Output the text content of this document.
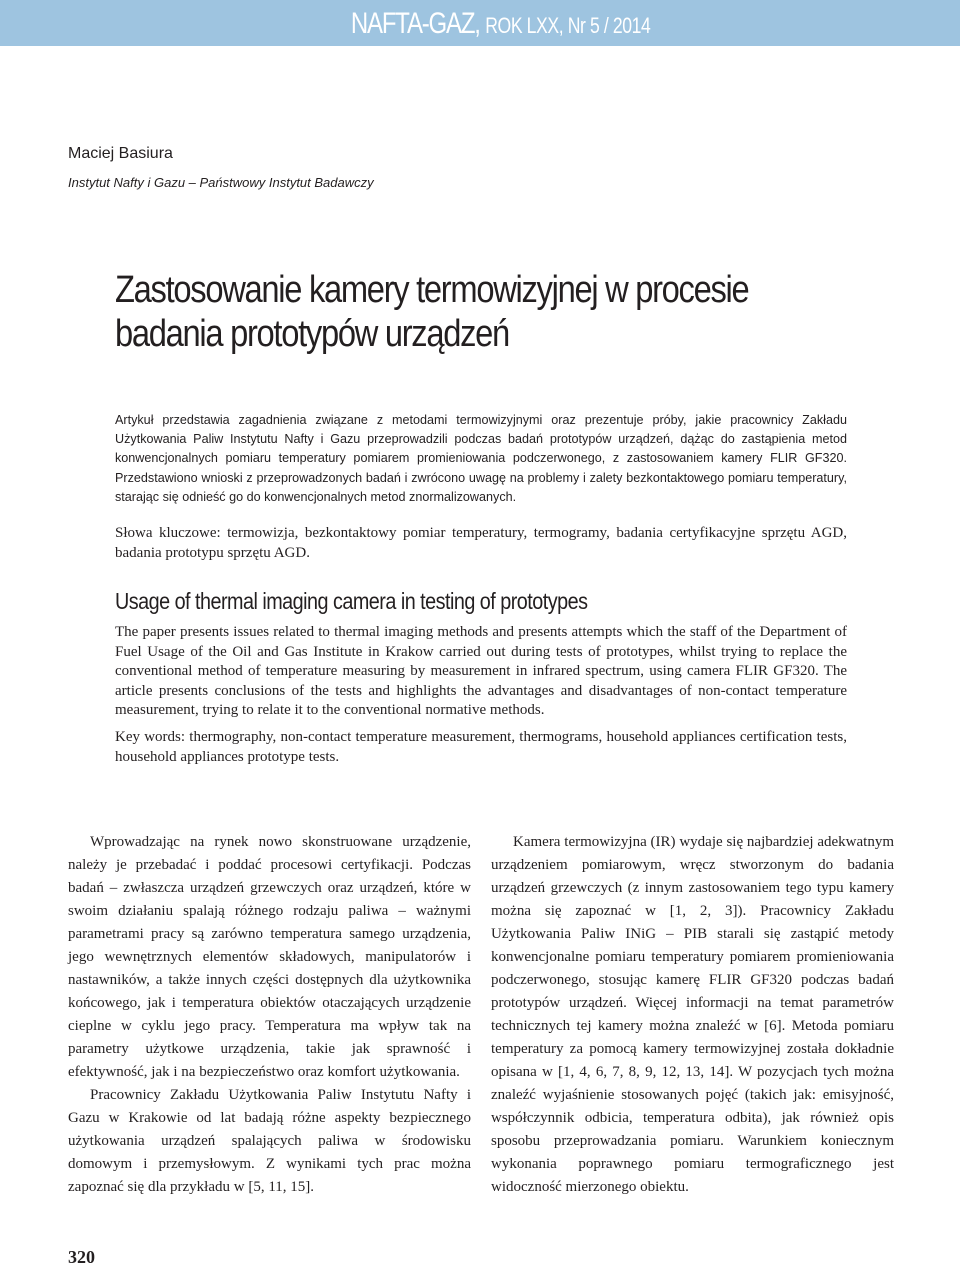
NAFTA-GAZ, ROK LXX, Nr 5 / 2014
Maciej Basiura
Instytut Nafty i Gazu – Państwowy Instytut Badawczy
Zastosowanie kamery termowizyjnej w procesie badania prototypów urządzeń

Artykuł przedstawia zagadnienia związane z metodami termowizyjnymi oraz prezentuje próby, jakie pracownicy Zakładu Użytkowania Paliw Instytutu Nafty i Gazu przeprowadzili podczas badań prototypów urządzeń, dążąc do zastąpienia metod konwencjonalnych pomiaru temperatury pomiarem promieniowania podczerwonego, z zastosowaniem kamery FLIR GF320. Przedstawiono wnioski z przeprowadzonych badań i zwrócono uwagę na problemy i zalety bezkontaktowego pomiaru temperatury, starając się odnieść go do konwencjonalnych metod znormalizowanych.

Słowa kluczowe: termowizja, bezkontaktowy pomiar temperatury, termogramy, badania certyfikacyjne sprzętu AGD, badania prototypu sprzętu AGD.

Usage of thermal imaging camera in testing of prototypes

The paper presents issues related to thermal imaging methods and presents attempts which the staff of the Department of Fuel Usage of the Oil and Gas Institute in Krakow carried out during tests of prototypes, whilst trying to replace the conventional method of temperature measuring by measurement in infrared spectrum, using camera FLIR GF320. The article presents conclusions of the tests and highlights the advantages and disadvantages of non-contact temperature measurement, trying to relate it to the conventional normative methods.

Key words: thermography, non-contact temperature measurement, thermograms, household appliances certification tests, household appliances prototype tests.

Wprowadzając na rynek nowo skonstruowane urządzenie, należy je przebadać i poddać procesowi certyfikacji. Podczas badań – zwłaszcza urządzeń grzewczych oraz urządzeń, które w swoim działaniu spalają różnego rodzaju paliwa – ważnymi parametrami pracy są zarówno temperatura samego urządzenia, jego wewnętrznych elementów składowych, manipulatorów i nastawników, a także innych części dostępnych dla użytkownika końcowego, jak i temperatura obiektów otaczających urządzenie cieplne w cyklu jego pracy. Temperatura ma wpływ tak na parametry użytkowe urządzenia, takie jak sprawność i efektywność, jak i na bezpieczeństwo oraz komfort użytkowania.

Pracownicy Zakładu Użytkowania Paliw Instytutu Nafty i Gazu w Krakowie od lat badają różne aspekty bezpiecznego użytkowania urządzeń spalających paliwa w środowisku domowym i przemysłowym. Z wynikami tych prac można zapoznać się dla przykładu w [5, 11, 15].

Kamera termowizyjna (IR) wydaje się najbardziej adekwatnym urządzeniem pomiarowym, wręcz stworzonym do badania urządzeń grzewczych (z innym zastosowaniem tego typu kamery można się zapoznać w [1, 2, 3]). Pracownicy Zakładu Użytkowania Paliw INiG – PIB starali się zastąpić metody konwencjonalne pomiaru temperatury pomiarem promieniowania podczerwonego, stosując kamerę FLIR GF320 podczas badań prototypów urządzeń. Więcej informacji na temat parametrów technicznych tej kamery można znaleźć w [6]. Metoda pomiaru temperatury za pomocą kamery termowizyjnej została dokładnie opisana w [1, 4, 6, 7, 8, 9, 12, 13, 14]. W pozycjach tych można znaleźć wyjaśnienie stosowanych pojęć (takich jak: emisyjność, współczynnik odbicia, temperatura odbita), jak również opis sposobu przeprowadzania pomiaru. Warunkiem koniecznym wykonania poprawnego pomiaru termograficznego jest widoczność mierzonego obiektu.

320
